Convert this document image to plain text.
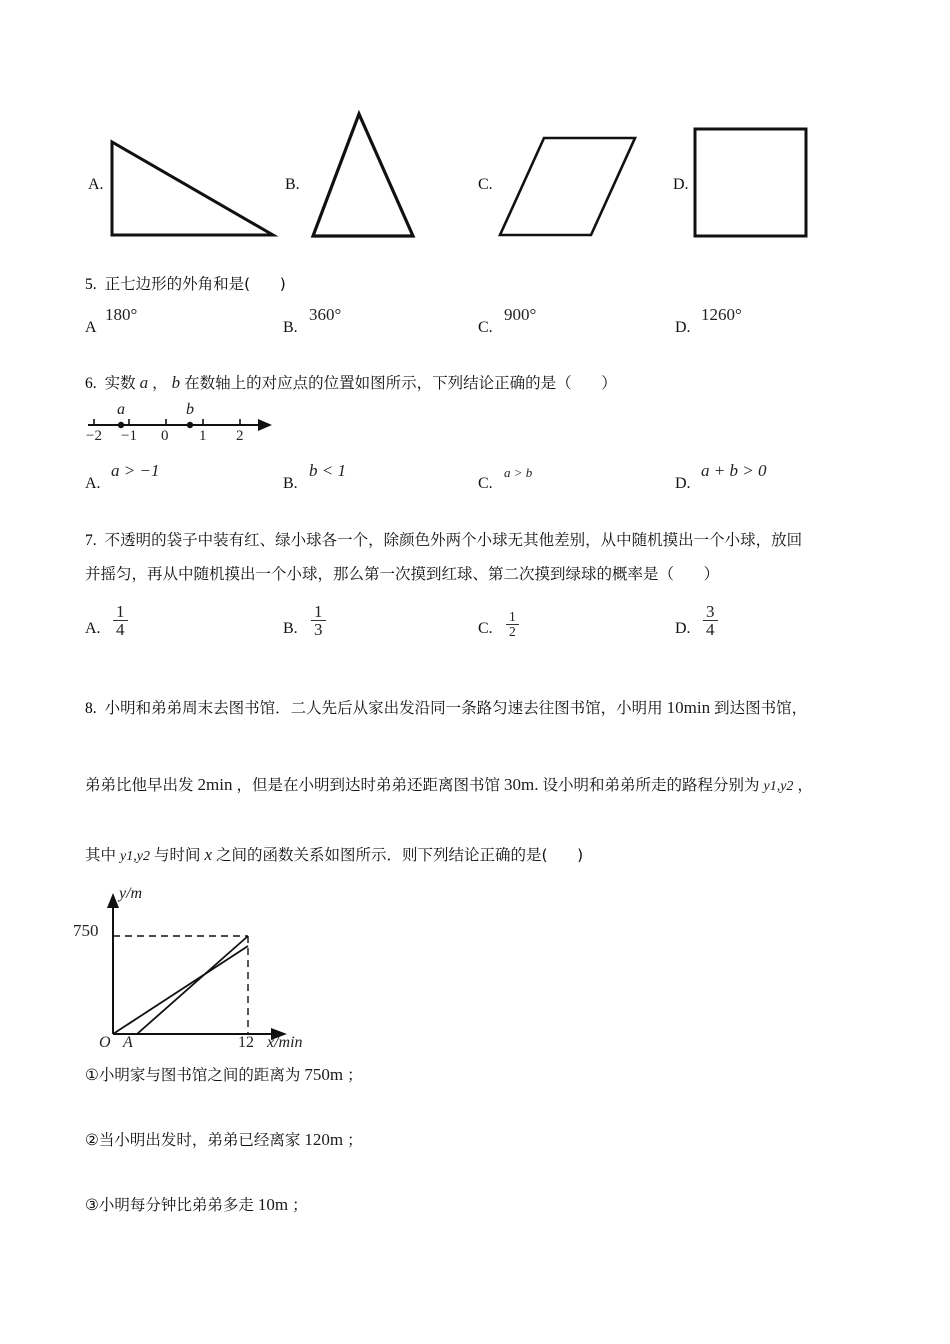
A.	B.	C.	D.
5. 正七边形的外角和是(      )
A
180°
B.
360°
C.
900°
D.
1260°
6. 实数 a ， b 在数轴上的对应点的位置如图所示，下列结论正确的是（      ）
−2 −1 0 1 2
a	b
A.
a > −1
B.
b < 1
C.
a > b
D.
a + b > 0
7. 不透明的袋子中装有红、绿小球各一个，除颜色外两个小球无其他差别，从中随机摸出一个小球，放回
并摇匀，再从中随机摸出一个小球，那么第一次摸到红球、第二次摸到绿球的概率是（      ）
A. $\frac{1}{4}$	B. $\frac{1}{3}$	C. $\frac{1}{2}$	D. $\frac{3}{4}$
8. 小明和弟弟周末去图书馆．二人先后从家出发沿同一条路匀速去往图书馆，小明用 10min 到达图书馆，
弟弟比他早出发 2min ，但是在小明到达时弟弟还距离图书馆 30m. 设小明和弟弟所走的路程分别为 y1,y2 ，
其中 y1,y2 与时间 x 之间的函数关系如图所示．则下列结论正确的是(      )
y/m
750
O A	12 x/min
①小明家与图书馆之间的距离为 750m ；
②当小明出发时，弟弟已经离家 120m ；
③小明每分钟比弟弟多走 10m ；
